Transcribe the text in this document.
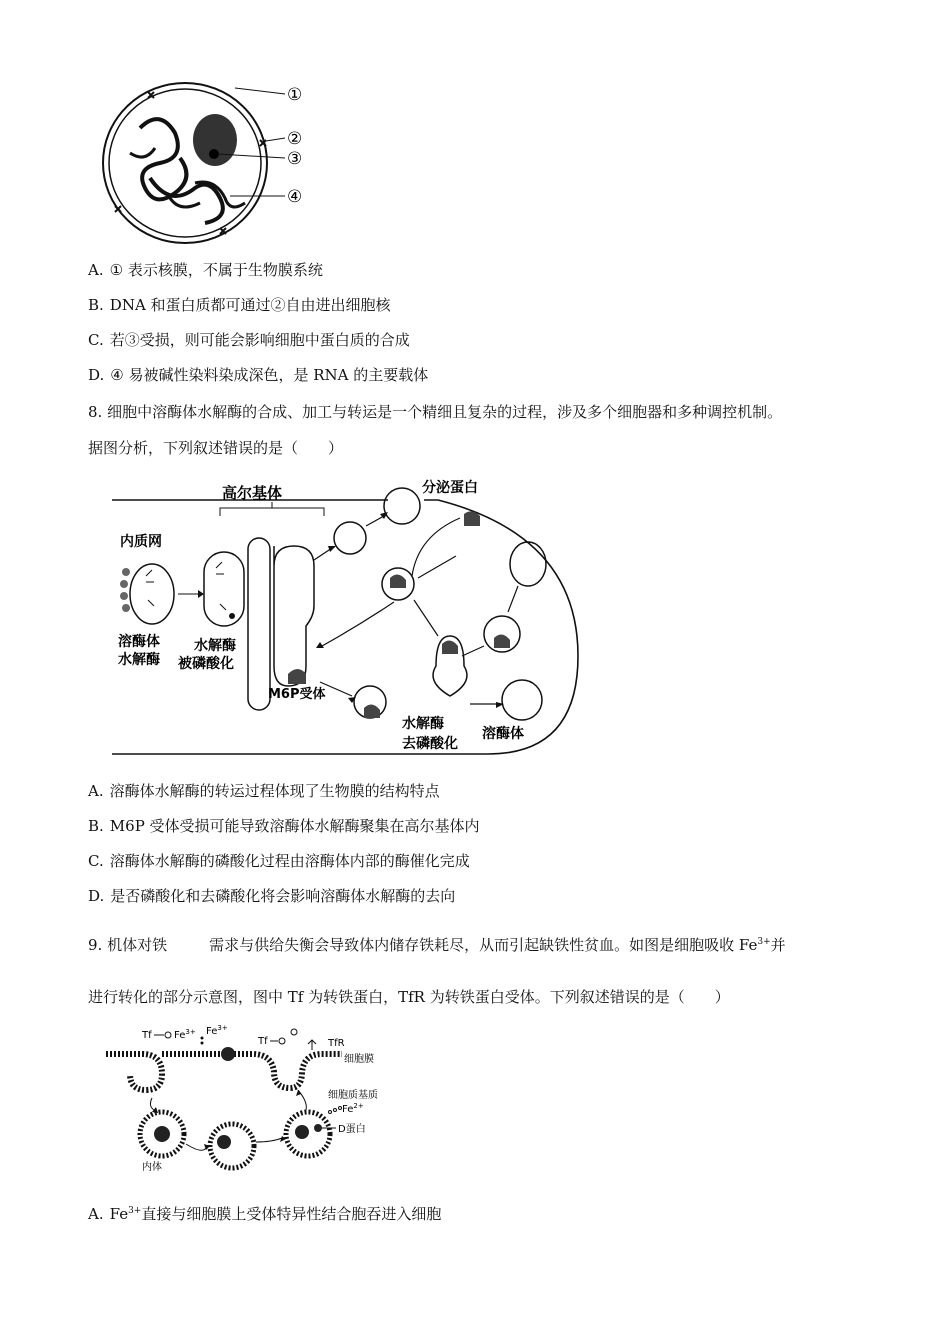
①
②
③
④
A. ① 表示核膜，不属于生物膜系统
B. DNA 和蛋白质都可通过②自由进出细胞核
C. 若③受损，则可能会影响细胞中蛋白质的合成
D. ④ 易被碱性染料染成深色，是 RNA 的主要载体
8. 细胞中溶酶体水解酶的合成、加工与转运是一个精细且复杂的过程，涉及多个细胞器和多种调控机制。
据图分析，下列叙述错误的是（　　）
高尔基体
内质网
溶酶体
水解酶
水解酶
被磷酸化
M6P受体
分泌蛋白
水解酶
去磷酸化
溶酶体
A. 溶酶体水解酶的转运过程体现了生物膜的结构特点
B. M6P 受体受损可能导致溶酶体水解酶聚集在高尔基体内
C. 溶酶体水解酶的磷酸化过程由溶酶体内部的酶催化完成
D. 是否磷酸化和去磷酸化将会影响溶酶体水解酶的去向
9. 机体对铁	需求与供给失衡会导致体内储存铁耗尽，从而引起缺铁性贫血。如图是细胞吸收 $Fe^{3+}$并
进行转化的部分示意图，图中 Tf 为转铁蛋白，TfR 为转铁蛋白受体。下列叙述错误的是（　　）
Tf $Fe^{3+}$ $Fe^{3+}$
Tf	TfR
细胞膜
细胞质基质
$Fe^{2+}$
D蛋白
内体
A. $Fe^{3+}$直接与细胞膜上受体特异性结合胞吞进入细胞
